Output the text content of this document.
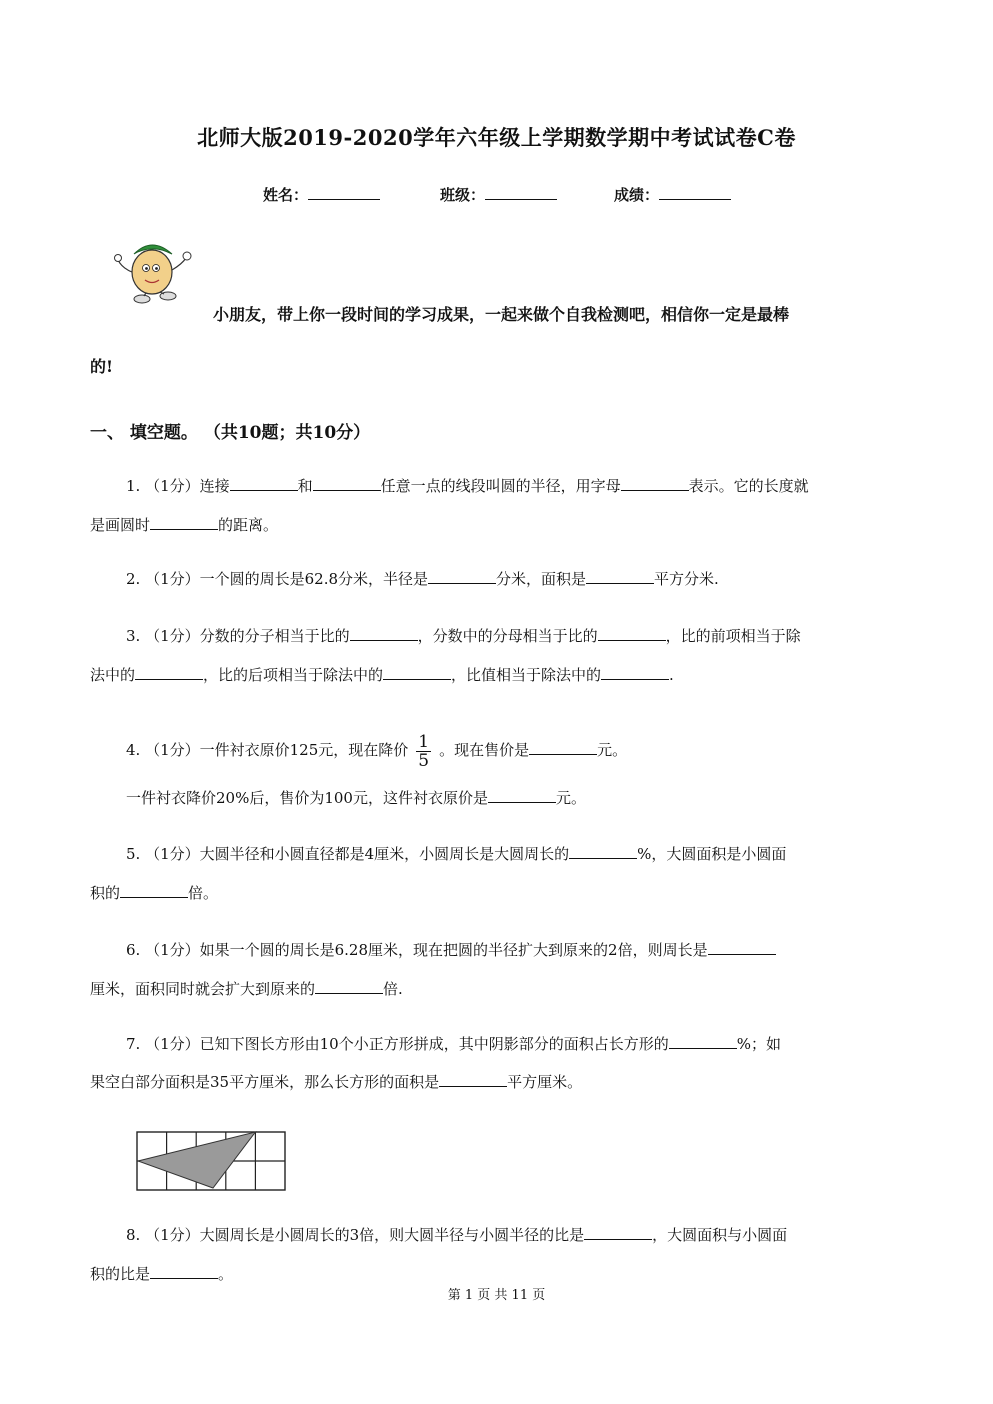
北师大版2019-2020学年六年级上学期数学期中考试试卷C卷
姓名：	班级：	成绩：
小朋友，带上你一段时间的学习成果，一起来做个自我检测吧，相信你一定是最棒
的!
一、 填空题。 （共10题；共10分）
1. （1分）连接	和	任意一点的线段叫圆的半径，用字母	表示。它的长度就
是画圆时	的距离。
2. （1分）一个圆的周长是62.8分米，半径是	分米，面积是	平方分米.
3. （1分）分数的分子相当于比的	，分数中的分母相当于比的	，比的前项相当于除
法中的	，比的后项相当于除法中的	，比值相当于除法中的	.
4. （1分）一件衬衣原价125元，现在降价 $\frac{1}{5}$ 。现在售价是	元。
一件衬衣降价20%后，售价为100元，这件衬衣原价是	元。
5. （1分）大圆半径和小圆直径都是4厘米，小圆周长是大圆周长的	%，大圆面积是小圆面
积的	倍。
6. （1分）如果一个圆的周长是6.28厘米，现在把圆的半径扩大到原来的2倍，则周长是
厘米，面积同时就会扩大到原来的	倍.
7. （1分）已知下图长方形由10个小正方形拼成，其中阴影部分的面积占长方形的	%；如
果空白部分面积是35平方厘米，那么长方形的面积是	平方厘米。
8. （1分）大圆周长是小圆周长的3倍，则大圆半径与小圆半径的比是	，大圆面积与小圆面
积的比是	。
第 1 页 共 11 页
